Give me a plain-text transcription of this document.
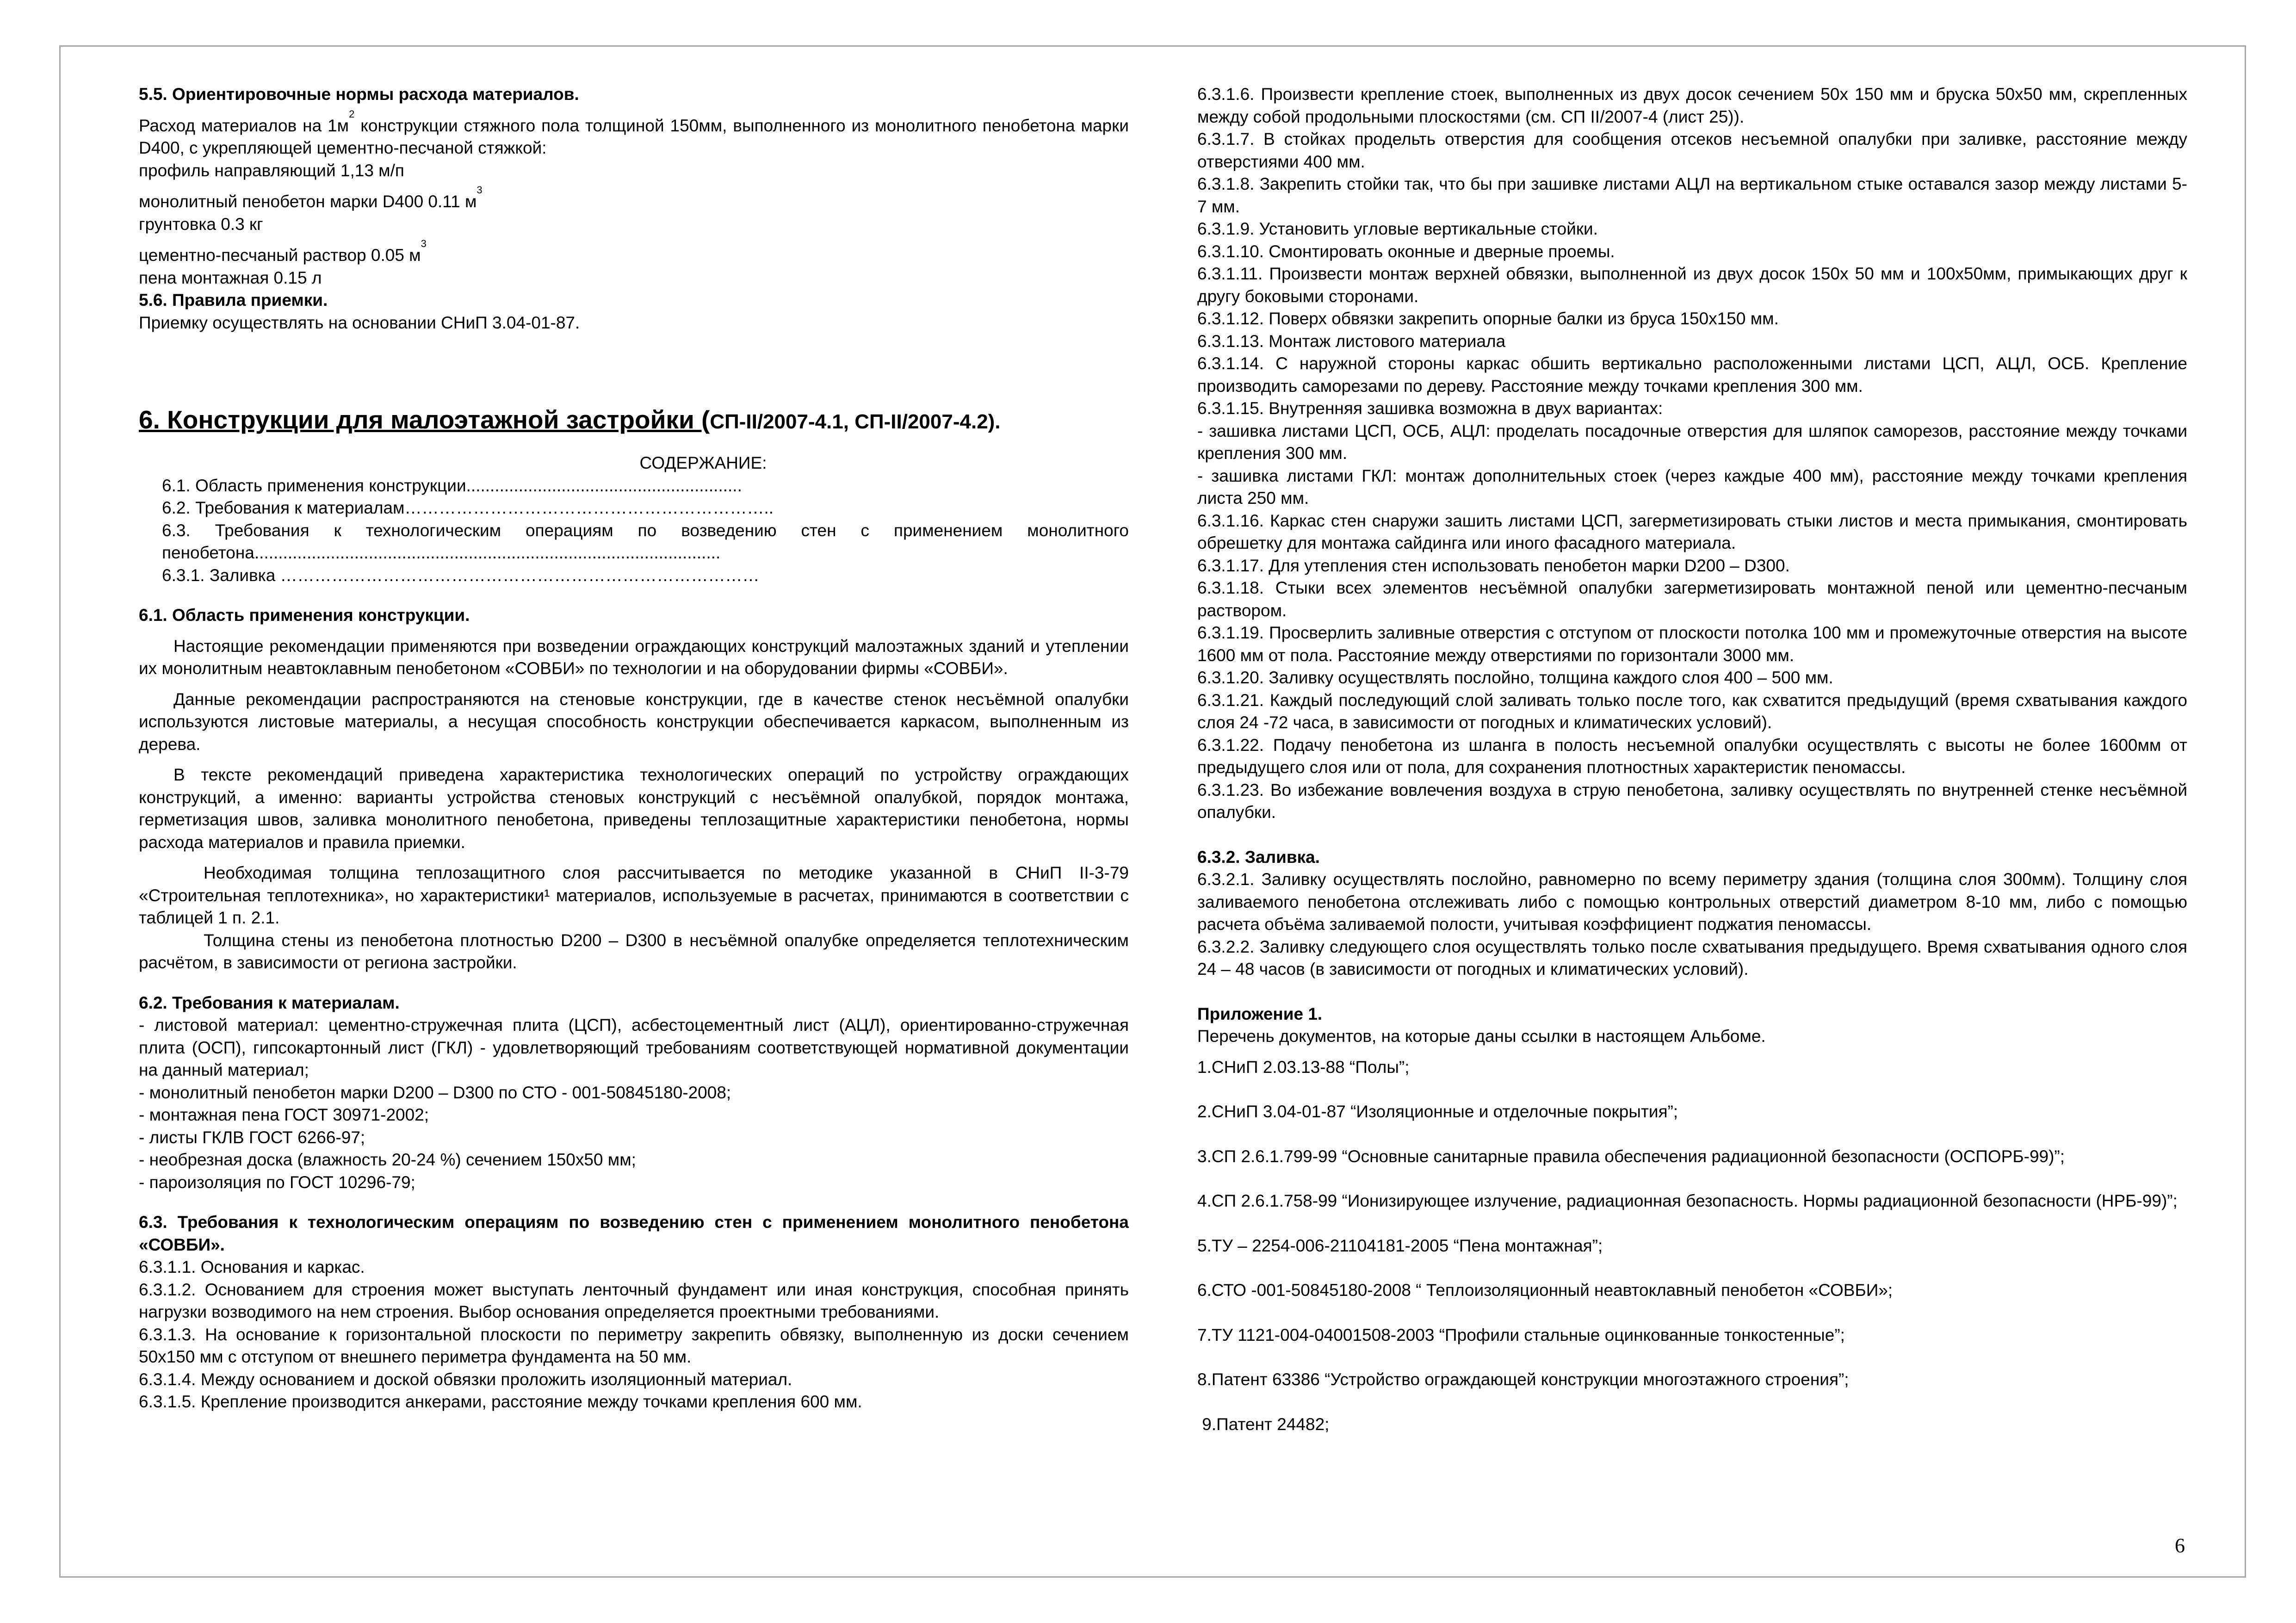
5.5. Ориентировочные нормы расхода материалов.

Расход материалов на $1м^2$ конструкции стяжного пола толщиной 150мм, выполненного из монолитного пенобетона марки D400, с укрепляющей цементно-песчаной стяжкой:

профиль направляющий 1,13 м/п

монолитный пенобетон марки D400 0.11 $м^3$

грунтовка 0.3 кг

цементно-песчаный раствор 0.05 $м^3$

пена монтажная 0.15 л

5.6. Правила приемки.

Приемку осуществлять на основании СНиП 3.04-01-87.

6. Конструкции для малоэтажной застройки (СП-II/2007-4.1, СП-II/2007-4.2).

СОДЕРЖАНИЕ:

6.1. Область применения конструкции..........................................................

6.2. Требования к материалам………………………………………………………..

6.3. Требования к технологическим операциям по возведению стен с применением монолитного пенобетона..................................................................................................

6.3.1. Заливка …………………………………………………………………………

6.1. Область применения конструкции.

Настоящие рекомендации применяются при возведении ограждающих конструкций малоэтажных зданий и утеплении их монолитным неавтоклавным пенобетоном «СОВБИ» по технологии и на оборудовании фирмы «СОВБИ».

Данные рекомендации распространяются на стеновые конструкции, где в качестве стенок несъёмной опалубки используются листовые материалы, а несущая способность конструкции обеспечивается каркасом, выполненным из дерева.

В тексте рекомендаций приведена характеристика технологических операций по устройству ограждающих конструкций, а именно: варианты устройства стеновых конструкций с несъёмной опалубкой, порядок монтажа, герметизация швов, заливка монолитного пенобетона, приведены теплозащитные характеристики пенобетона, нормы расхода материалов и правила приемки.

Необходимая толщина теплозащитного слоя рассчитывается по методике указанной в СНиП II-3-79 «Строительная теплотехника», но характеристики¹ материалов, используемые в расчетах, принимаются в соответствии с таблицей 1 п. 2.1.

Толщина стены из пенобетона плотностью D200 – D300 в несъёмной опалубке определяется теплотехническим расчётом, в зависимости от региона застройки.

6.2. Требования к материалам.

- листовой материал: цементно-стружечная плита (ЦСП), асбестоцементный лист (АЦЛ), ориентированно-стружечная плита (ОСП), гипсокартонный лист (ГКЛ) - удовлетворяющий требованиям соответствующей нормативной документации на данный материал;

- монолитный пенобетон марки D200 – D300 по СТО - 001-50845180-2008;

- монтажная пена ГОСТ 30971-2002;

- листы ГКЛВ ГОСТ 6266-97;

- необрезная доска (влажность 20-24 %) сечением 150х50 мм;

- пароизоляция по ГОСТ 10296-79;

6.3. Требования к технологическим операциям по возведению стен с применением монолитного пенобетона «СОВБИ».

6.3.1.1. Основания и каркас.

6.3.1.2. Основанием для строения может выступать ленточный фундамент или иная конструкция, способная принять нагрузки возводимого на нем строения. Выбор основания определяется проектными требованиями.

6.3.1.3. На основание к горизонтальной плоскости по периметру закрепить обвязку, выполненную из доски сечением 50х150 мм с отступом от внешнего периметра фундамента на 50 мм.

6.3.1.4. Между основанием и доской обвязки проложить изоляционный материал.

6.3.1.5. Крепление производится анкерами, расстояние между точками крепления 600 мм.

6.3.1.6. Произвести крепление стоек, выполненных из двух досок сечением 50х 150 мм и бруска 50х50 мм, скрепленных между собой продольными плоскостями (см. СП II/2007-4 (лист 25)).

6.3.1.7. В стойках продельть отверстия для сообщения отсеков несъемной опалубки при заливке, расстояние между отверстиями 400 мм.

6.3.1.8. Закрепить стойки так, что бы при зашивке листами АЦЛ на вертикальном стыке оставался зазор между листами 5-7 мм.

6.3.1.9. Установить угловые вертикальные стойки.

6.3.1.10. Смонтировать оконные и дверные проемы.

6.3.1.11. Произвести монтаж верхней обвязки, выполненной из двух досок 150х 50 мм и 100х50мм, примыкающих друг к другу боковыми сторонами.

6.3.1.12. Поверх обвязки закрепить опорные балки из бруса 150х150 мм.

6.3.1.13. Монтаж листового материала

6.3.1.14. С наружной стороны каркас обшить вертикально расположенными листами ЦСП, АЦЛ, ОСБ. Крепление производить саморезами по дереву. Расстояние между точками крепления 300 мм.

6.3.1.15. Внутренняя зашивка возможна в двух вариантах:

- зашивка листами ЦСП, ОСБ, АЦЛ: проделать посадочные отверстия для шляпок саморезов, расстояние между точками крепления 300 мм.

- зашивка листами ГКЛ: монтаж дополнительных стоек (через каждые 400 мм), расстояние между точками крепления листа 250 мм.

6.3.1.16. Каркас стен снаружи зашить листами ЦСП, загерметизировать стыки листов и места примыкания, смонтировать обрешетку для монтажа сайдинга или иного фасадного материала.

6.3.1.17. Для утепления стен использовать пенобетон марки D200 – D300.

6.3.1.18. Стыки всех элементов несъёмной опалубки загерметизировать монтажной пеной или цементно-песчаным раствором.

6.3.1.19. Просверлить заливные отверстия с отступом от плоскости потолка 100 мм и промежуточные отверстия на высоте 1600 мм от пола. Расстояние между отверстиями по горизонтали 3000 мм.

6.3.1.20. Заливку осуществлять послойно, толщина каждого слоя 400 – 500 мм.

6.3.1.21. Каждый последующий слой заливать только после того, как схватится предыдущий (время схватывания каждого слоя 24 -72 часа, в зависимости от погодных и климатических условий).

6.3.1.22. Подачу пенобетона из шланга в полость несъемной опалубки осуществлять с высоты не более 1600мм от предыдущего слоя или от пола, для сохранения плотностных характеристик пеномассы.

6.3.1.23. Во избежание вовлечения воздуха в струю пенобетона, заливку осуществлять по внутренней стенке несъёмной опалубки.

6.3.2. Заливка.

6.3.2.1. Заливку осуществлять послойно, равномерно по всему периметру здания (толщина слоя 300мм). Толщину слоя заливаемого пенобетона отслеживать либо с помощью контрольных отверстий диаметром 8-10 мм, либо с помощью расчета объёма заливаемой полости, учитывая коэффициент поджатия пеномассы.

6.3.2.2. Заливку следующего слоя осуществлять только после схватывания предыдущего. Время схватывания одного слоя 24 – 48 часов (в зависимости от погодных и климатических условий).

Приложение 1.

Перечень документов, на которые даны ссылки в настоящем Альбоме.

1.СНиП 2.03.13-88 “Полы”;

2.СНиП 3.04-01-87 “Изоляционные и отделочные покрытия”;

3.СП 2.6.1.799-99 “Основные санитарные правила обеспечения радиационной безопасности (ОСПОРБ-99)”;

4.СП 2.6.1.758-99 “Ионизирующее излучение, радиационная безопасность. Нормы радиационной безопасности (НРБ-99)”;

5.ТУ – 2254-006-21104181-2005 “Пена монтажная”;

6.СТО -001-50845180-2008 “ Теплоизоляционный неавтоклавный пенобетон «СОВБИ»;

7.ТУ 1121-004-04001508-2003 “Профили стальные оцинкованные тонкостенные”;

8.Патент 63386 “Устройство ограждающей конструкции многоэтажного строения”;

9.Патент 24482;

6
